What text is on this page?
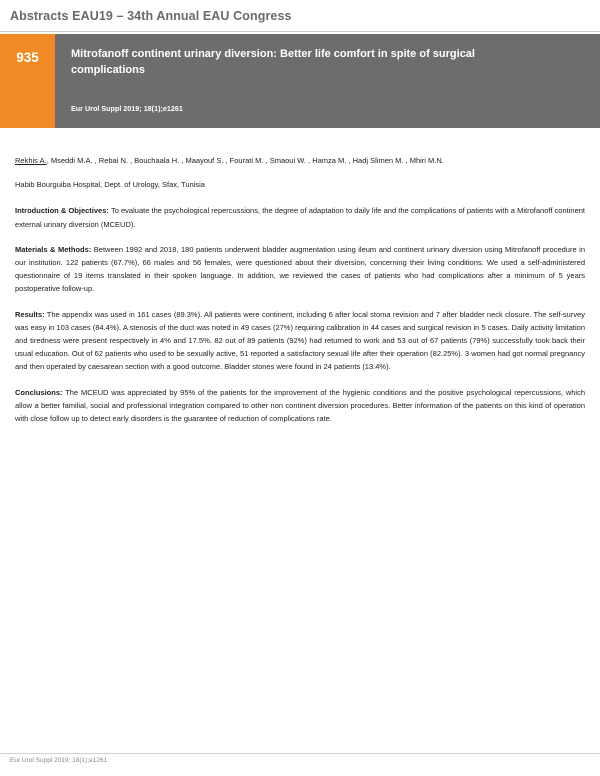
Abstracts EAU19 – 34th Annual EAU Congress
935	Mitrofanoff continent urinary diversion: Better life comfort in spite of surgical complications
Eur Urol Suppl 2019; 18(1);e1261

Rekhis A., Mseddi M.A. , Rebai N. , Bouchaala H. , Maayouf S. , Fourati M. , Smaoui W. , Hamza M. , Hadj Slimen M. , Mhiri M.N.

Habib Bourguiba Hospital, Dept. of Urology, Sfax, Tunisia

Introduction & Objectives: To evaluate the psychological repercussions, the degree of adaptation to daily life and the complications of patients with a Mitrofanoff continent external urinary diversion (MCEUD).

Materials & Methods: Between 1992 and 2018, 180 patients underwent bladder augmentation using ileum and continent urinary diversion using Mitrofanoff procedure in our institution. 122 patients (67.7%), 66 males and 56 females, were questioned about their diversion, concerning their living conditions. We used a self-administered questionnaire of 19 items translated in their spoken language. In addition, we reviewed the cases of patients who had complications after a minimum of 5 years postoperative follow-up.

Results: The appendix was used in 161 cases (89.3%). All patients were continent, including 6 after local stoma revision and 7 after bladder neck closure. The self-survey was easy in 103 cases (84.4%). A stenosis of the duct was noted in 49 cases (27%) requiring calibration in 44 cases and surgical revision in 5 cases. Daily activity limitation and tiredness were present respectively in 4% and 17.5%. 82 out of 89 patients (92%) had returned to work and 53 out of 67 patients (79%) successfully took back their usual education. Out of 62 patients who used to be sexually active, 51 reported a satisfactory sexual life after their operation (82.25%). 3 women had got normal pregnancy and then operated by caesarean section with a good outcome. Bladder stones were found in 24 patients (13.4%).

Conclusions: The MCEUD was appreciated by 95% of the patients for the improvement of the hygienic conditions and the positive psychological repercussions, which allow a better familial, social and professional integration compared to other non continent diversion procedures. Better information of the patients on this kind of operation with close follow up to detect early disorders is the guarantee of reduction of complications rate.

Eur Urol Suppl 2019; 18(1);e1261
